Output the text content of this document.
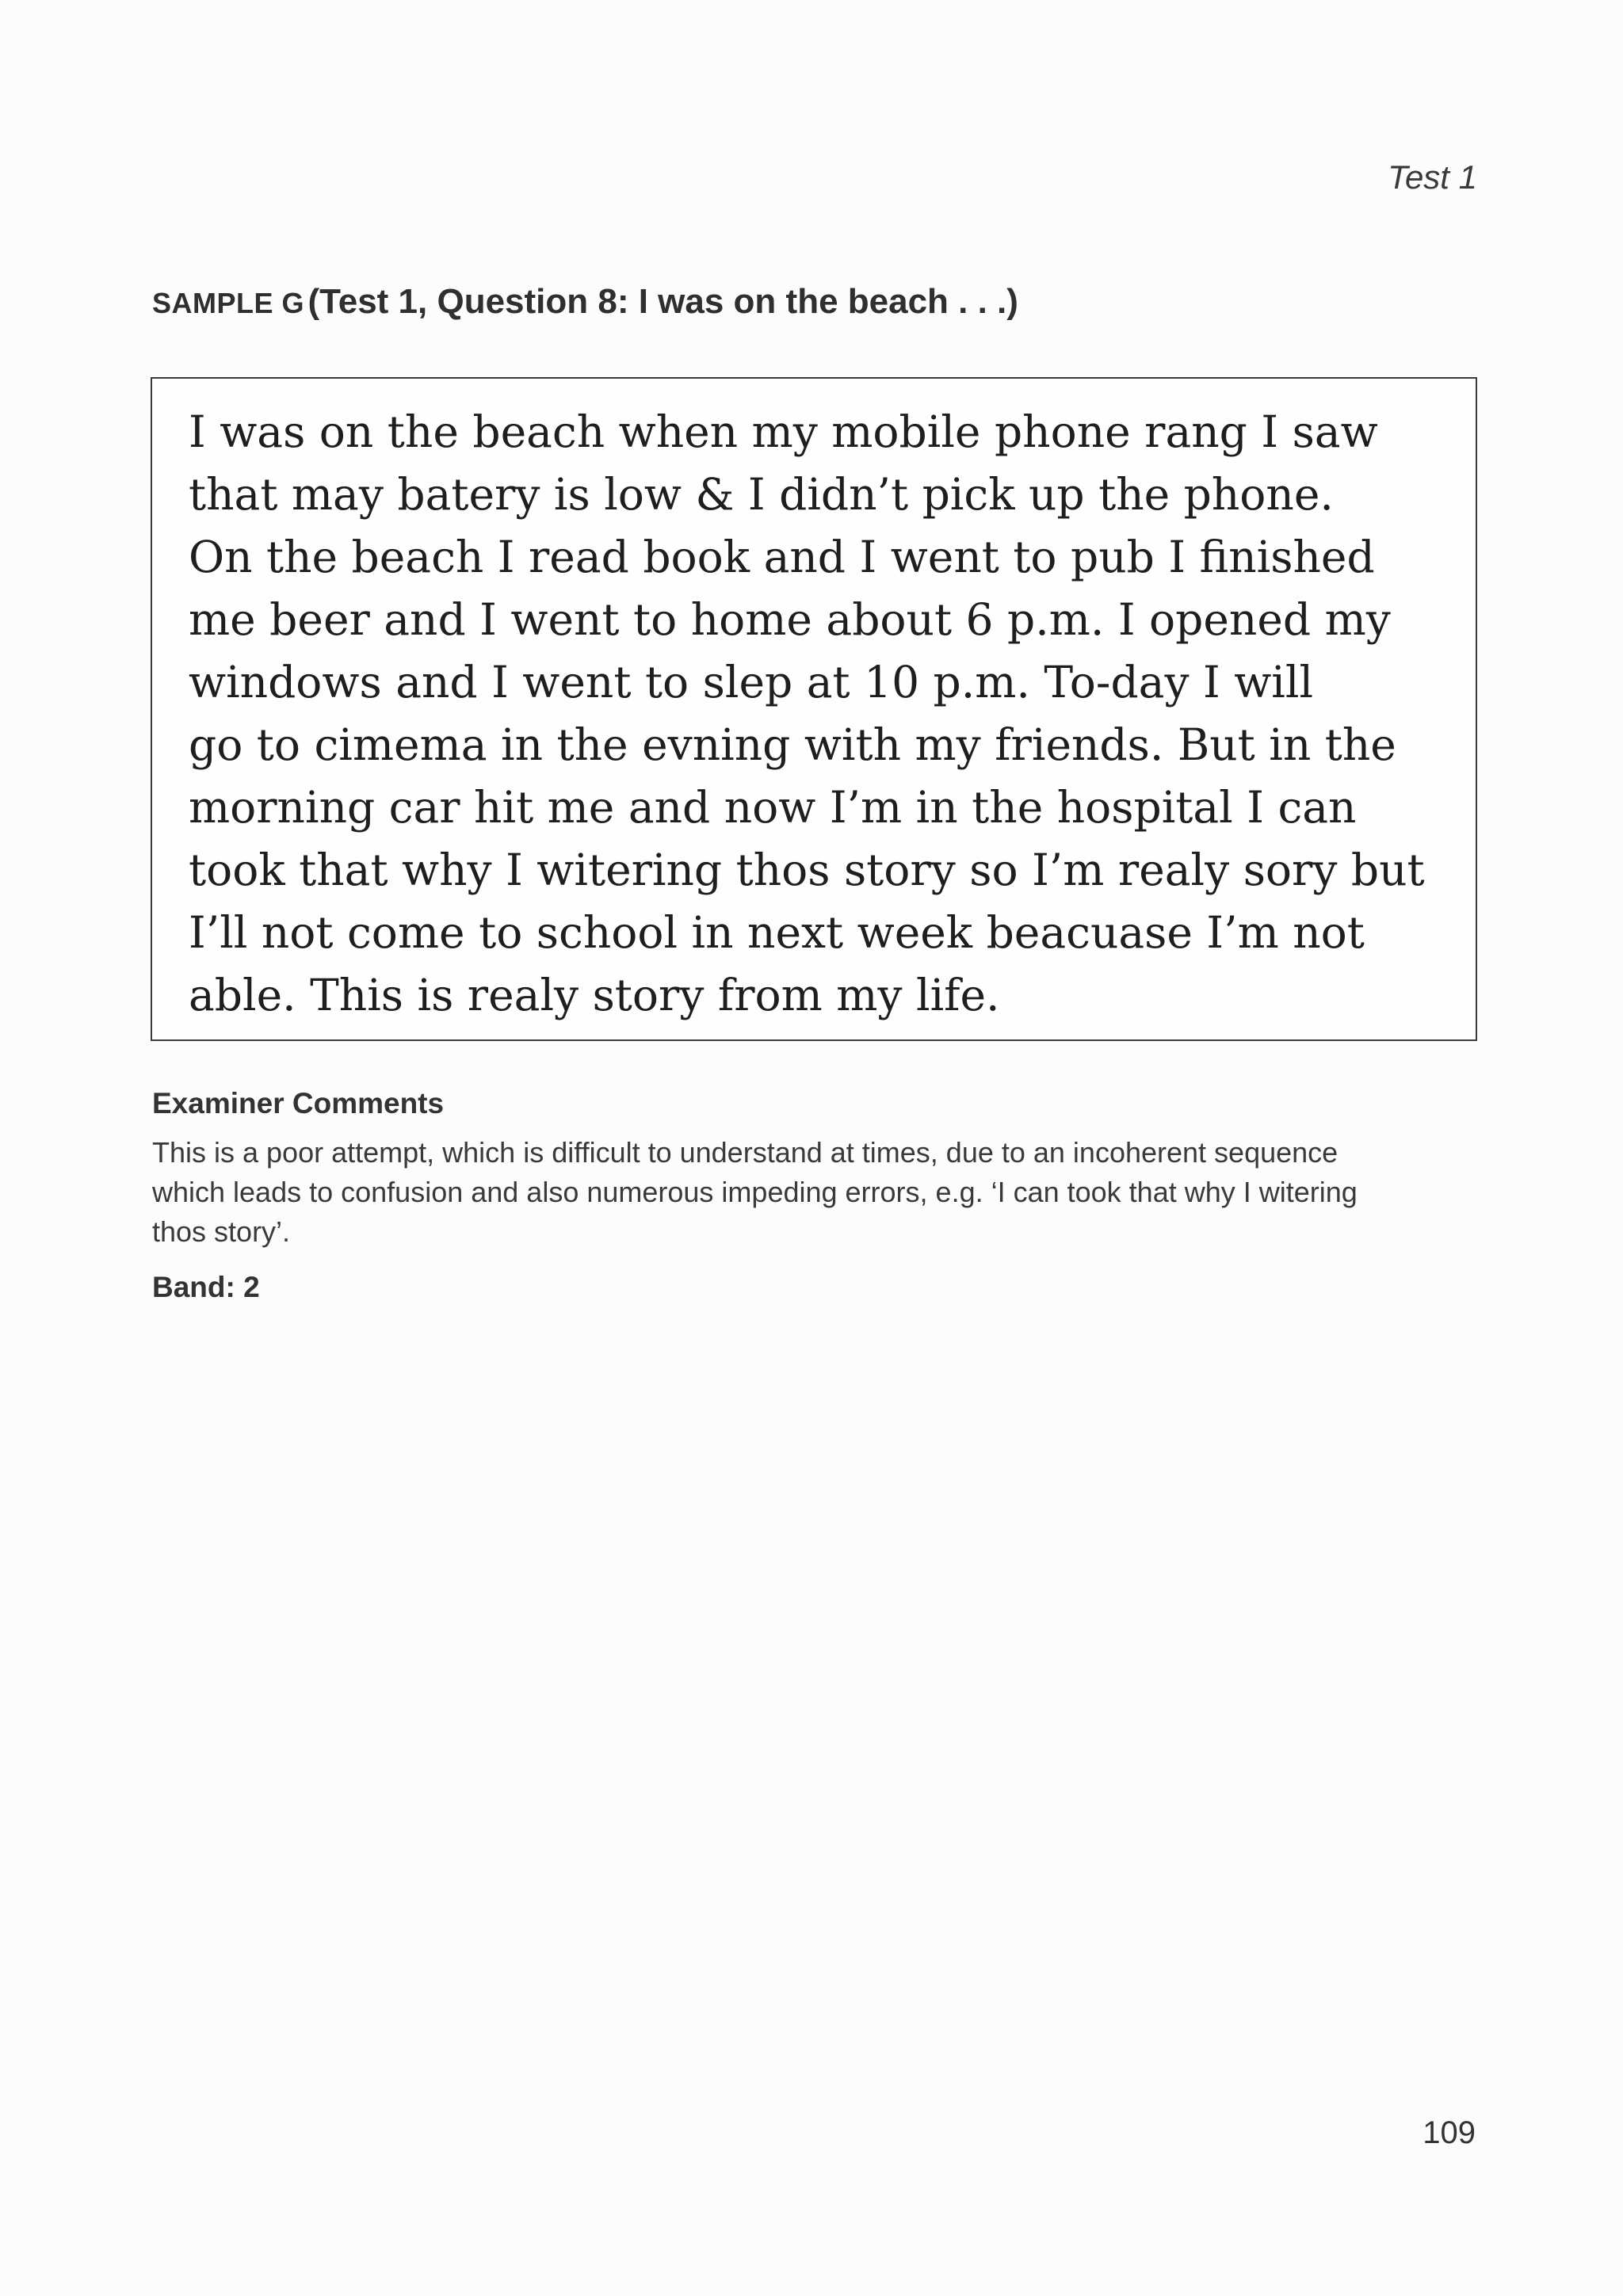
Test 1
SAMPLE G (Test 1, Question 8: I was on the beach . . .)
I was on the beach when my mobile phone rang I saw
that may batery is low & I didn’t pick up the phone.
On the beach I read book and I went to pub I finished
me beer and I went to home about 6 p.m. I opened my
windows and I went to slep at 10 p.m. To-day I will
go to cimema in the evning with my friends. But in the
morning car hit me and now I’m in the hospital I can
took that why I witering thos story so I’m realy sory but
I’ll not come to school in next week beacuase I’m not
able. This is realy story from my life.
Examiner Comments
This is a poor attempt, which is difficult to understand at times, due to an incoherent sequence
which leads to confusion and also numerous impeding errors, e.g. ‘I can took that why I witering
thos story’.
Band: 2
109
